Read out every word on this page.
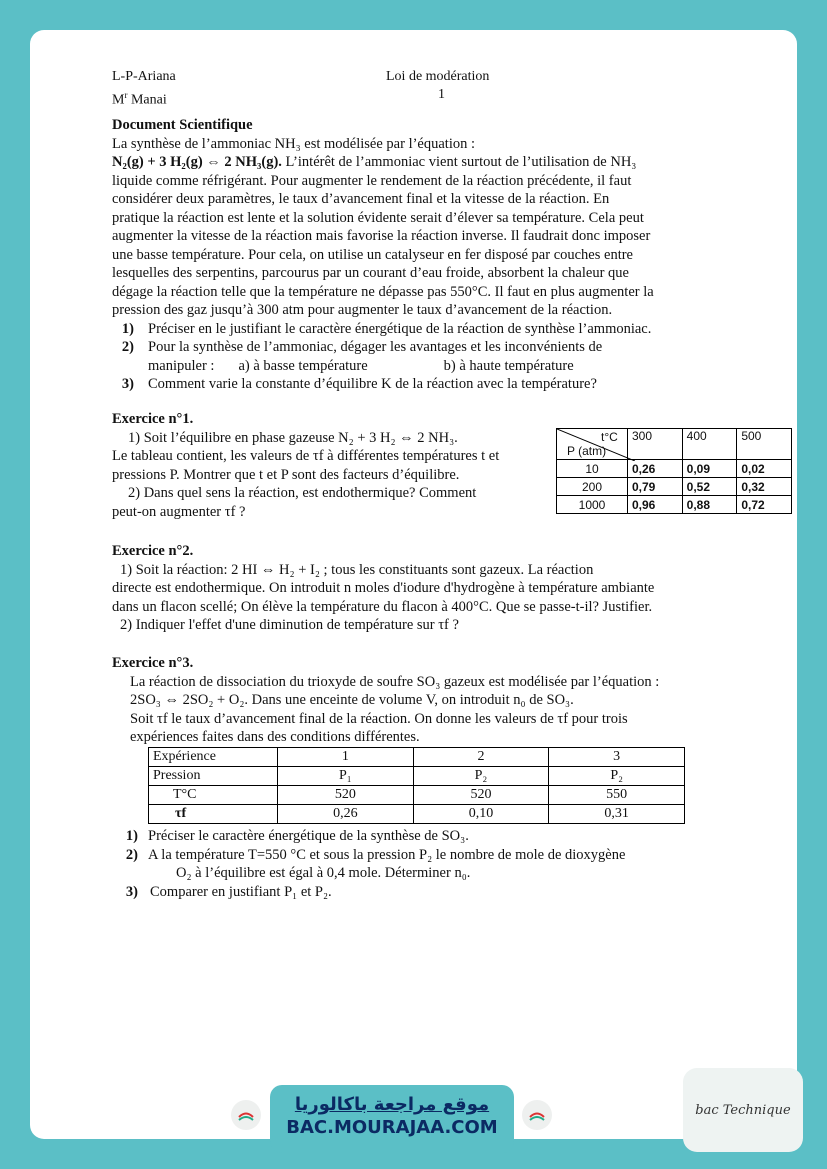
L-P-Ariana
$M^r$ Manai
Loi de modération
1

Document Scientifique

La synthèse de l’ammoniac NH₃ est modélisée par l’équation :

N₂(g) + 3 H₂(g) ⇔ 2 NH₃(g). L’intérêt de l’ammoniac vient surtout de l’utilisation de NH₃

liquide comme réfrigérant. Pour augmenter le rendement de la réaction précédente, il faut

considérer deux paramètres, le taux d’avancement final et la vitesse de la réaction. En

pratique la réaction est lente et la solution évidente serait d’élever sa température. Cela peut

augmenter la vitesse de la réaction mais favorise la réaction inverse. Il faudrait donc imposer

une basse température. Pour cela, on utilise un catalyseur en fer disposé par couches entre

lesquelles des serpentins, parcourus par un courant d’eau froide, absorbent la chaleur que

dégage la réaction telle que la température ne dépasse pas 550°C. Il faut en plus augmenter la

pression des gaz jusqu’à 300 atm pour augmenter le taux d’avancement de la réaction.

1) Préciser en le justifiant le caractère énergétique de la réaction de synthèse l’ammoniac.

2) Pour la synthèse de l’ammoniac, dégager les avantages et les inconvénients de

manipuler : a) à basse température	b) à haute température

3) Comment varie la constante d’équilibre K de la réaction avec la température?

Exercice n°1.

1) Soit l’équilibre en phase gazeuse N₂ + 3 H₂ ⇔ 2 NH₃.

Le tableau contient, les valeurs de τf à différentes températures t et

pressions P. Montrer que t et P sont des facteurs d’équilibre.

2) Dans quel sens la réaction, est endothermique? Comment

peut-on augmenter τf ?

t°C
P (atm)	300	400	500
10	0,26	0,09	0,02
200	0,79	0,52	0,32
1000	0,96	0,88	0,72

Exercice n°2.

1) Soit la réaction: 2 HI ⇔ H₂ + I₂ ; tous les constituants sont gazeux. La réaction

directe est endothermique. On introduit n moles d'iodure d'hydrogène à température ambiante

dans un flacon scellé; On élève la température du flacon à 400°C. Que se passe-t-il? Justifier.

2) Indiquer l'effet d'une diminution de température sur τf ?

Exercice n°3.

La réaction de dissociation du trioxyde de soufre SO₃ gazeux est modélisée par l’équation :

2SO₃ ⇔ 2SO₂ + O₂. Dans une enceinte de volume V, on introduit n₀ de SO₃.

Soit τf le taux d’avancement final de la réaction. On donne les valeurs de τf pour trois

expériences faites dans des conditions différentes.

Expérience	1	2	3
Pression	P₁	P₂	P₂
T°C	520	520	550
τf	0,26	0,10	0,31

1) Préciser le caractère énergétique de la synthèse de SO₃.

2) A la température T=550 °C et sous la pression P₂ le nombre de mole de dioxygène

O₂ à l’équilibre est égal à 0,4 mole. Déterminer n₀.

3) Comparer en justifiant P₁ et P₂.

موقع مراجعة باكالوريا
BAC.MOURAJAA.COM
bac Technique
